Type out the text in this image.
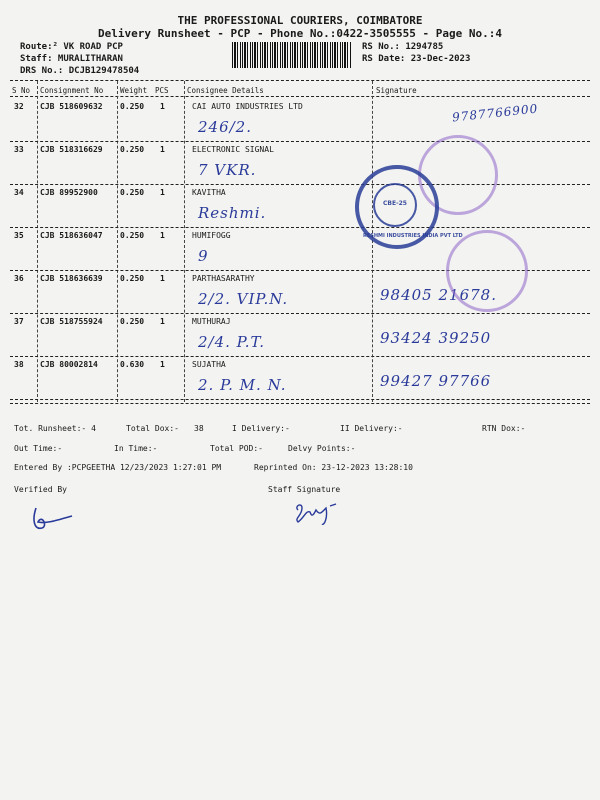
THE PROFESSIONAL COURIERS, COIMBATORE
Delivery Runsheet - PCP - Phone No.:0422-3505555 - Page No.:4
Route:² VK ROAD PCP
Staff: MURALITHARAN
DRS No.: DCJB129478504
RS No.: 1294785
RS Date: 23-Dec-2023
S No Consignment No Weight PCS Consignee Details	Signature
32 CJB 518609632 0.250 1	CAI AUTO INDUSTRIES LTD
246/2.
9787766900
33 CJB 518316629 0.250 1	ELECTRONIC SIGNAL
7 VKR.
34 CJB 89952900	0.250 1	KAVITHA
Reshmi.
35 CJB 518636047 0.250 1	HUMIFOGG
9
36 CJB 518636639 0.250 1	PARTHASARATHY
2/2. VIP.N.	98405 21678.
37 CJB 518755924 0.250 1	MUTHURAJ
2/4. P.T.	93424 39250
38 CJB 80002814	0.630 1	SUJATHA
2. P. M. N.	99427 97766
CBE-25
RESHMI INDUSTRIES INDIA PVT LTD
Tot. Runsheet:- 4	Total Dox:- 38	I Delivery:-	II Delivery:-	RTN Dox:-
Out Time:-	In Time:-	Total POD:-	Delvy Points:-
Entered By :PCPGEETHA 12/23/2023 1:27:01 PM	Reprinted On: 23-12-2023 13:28:10
Verified By	Staff Signature
